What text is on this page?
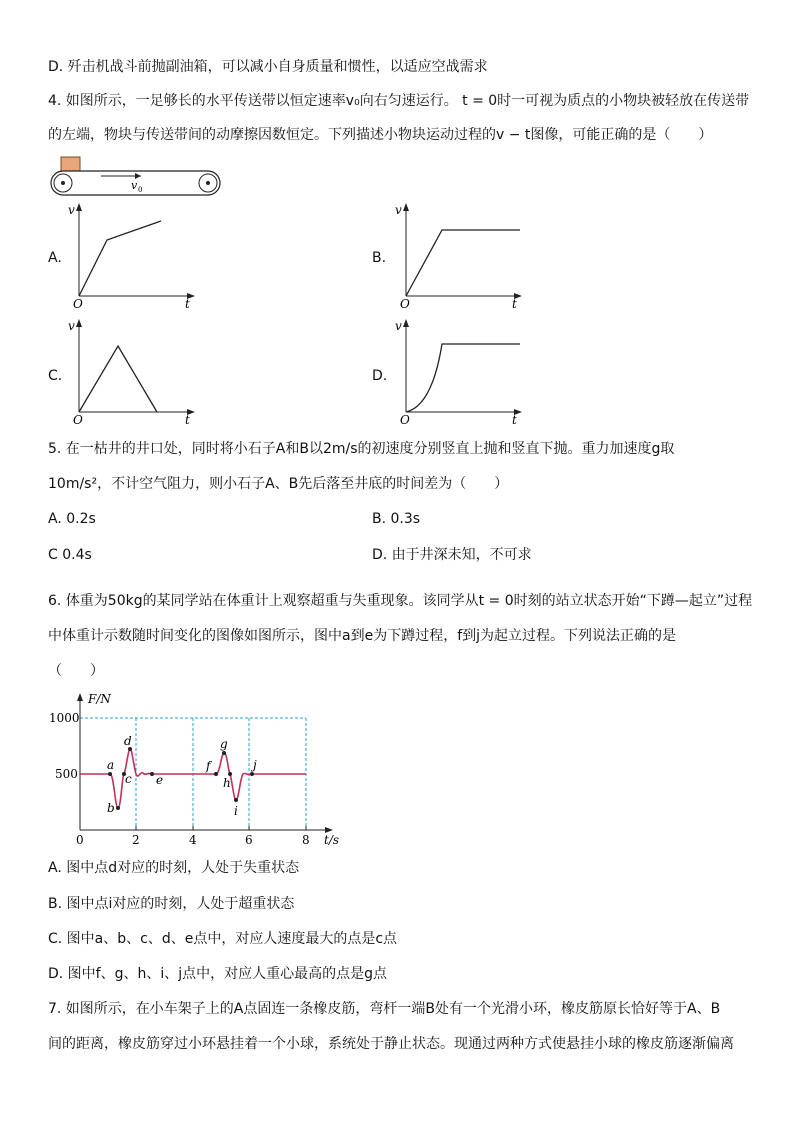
D. 歼击机战斗前抛副油箱，可以减小自身质量和惯性，以适应空战需求
4. 如图所示，一足够长的水平传送带以恒定速率v₀向右匀速运行。 t = 0时一可视为质点的小物块被轻放在传送带
的左端，物块与传送带间的动摩擦因数恒定。下列描述小物块运动过程的v − t图像，可能正确的是（　　）
v 0
A.
v
t
O
B.
v
t
O
C.
v
t
O
D.
v
t
O
5. 在一枯井的井口处，同时将小石子A和B以2m/s的初速度分别竖直上抛和竖直下抛。重力加速度g取
10m/s²，不计空气阻力，则小石子A、B先后落至井底的时间差为（　　）
A. 0.2s	B. 0.3s
C 0.4s	D. 由于井深未知，不可求
6. 体重为50kg的某同学站在体重计上观察超重与失重现象。该同学从t = 0时刻的站立状态开始“下蹲—起立”过程
中体重计示数随时间变化的图像如图所示，图中a到e为下蹲过程，f到j为起立过程。下列说法正确的是
（　　）
F/N
t/s
1000
500
0	2	4	6	8
a
b
c
d
e
f
g
h
i
j
A. 图中点d对应的时刻，人处于失重状态
B. 图中点i对应的时刻，人处于超重状态
C. 图中a、b、c、d、e点中，对应人速度最大的点是c点
D. 图中f、g、h、i、j点中，对应人重心最高的点是g点
7. 如图所示，在小车架子上的A点固连一条橡皮筋，弯杆一端B处有一个光滑小环，橡皮筋原长恰好等于A、B
间的距离，橡皮筋穿过小环悬挂着一个小球，系统处于静止状态。现通过两种方式使悬挂小球的橡皮筋逐渐偏离
